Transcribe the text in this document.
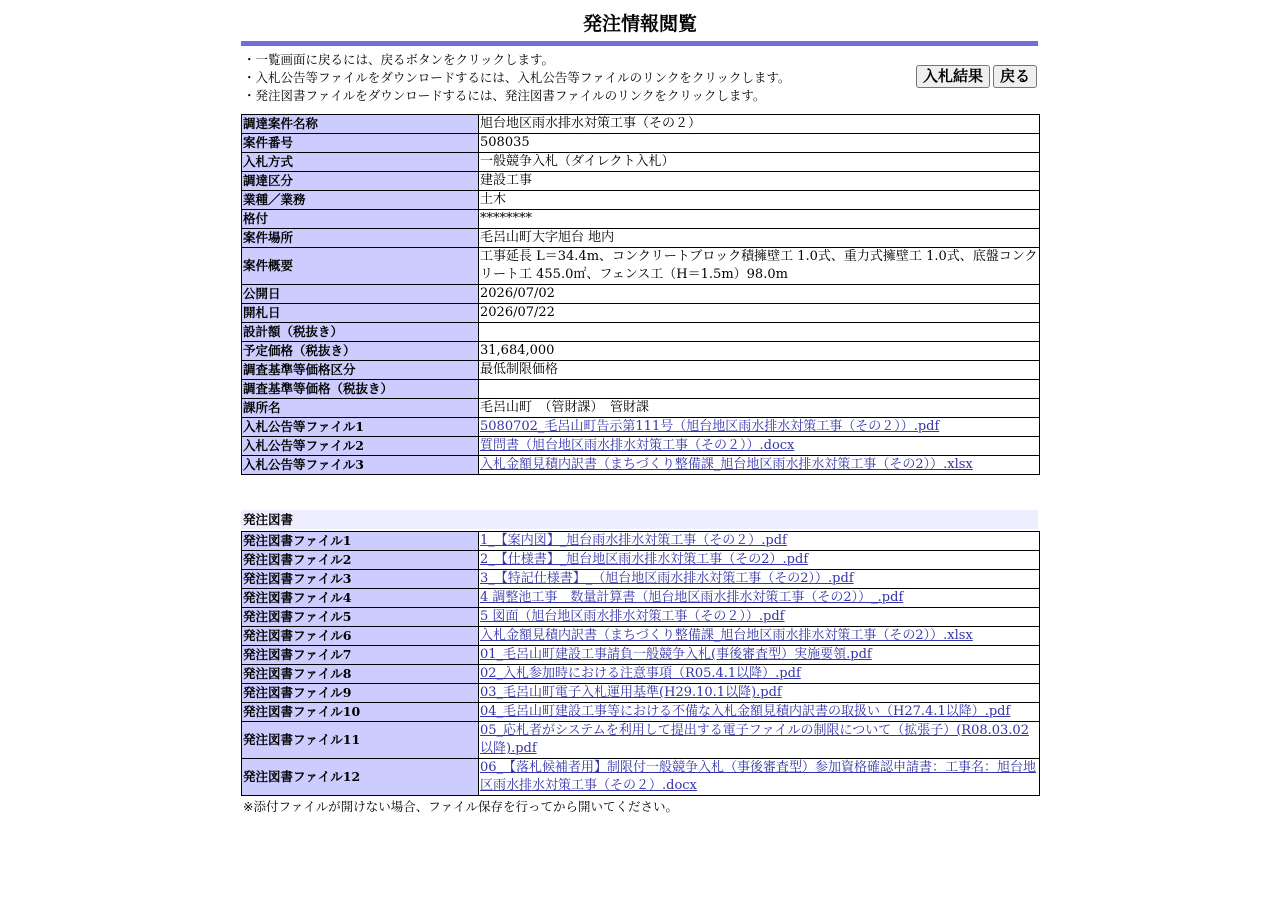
発注情報閲覧
・一覧画面に戻るには、戻るボタンをクリックします。
・入札公告等ファイルをダウンロードするには、入札公告等ファイルのリンクをクリックします。
・発注図書ファイルをダウンロードするには、発注図書ファイルのリンクをクリックします。
入札結果	戻る
調達案件名称	旭台地区雨水排水対策工事（その２）
案件番号	508035
入札方式	一般競争入札（ダイレクト入札）
調達区分	建設工事
業種／業務	土木
格付	********
案件場所	毛呂山町大字旭台 地内
案件概要	工事延長 L＝34.4m、コンクリートブロック積擁壁工 1.0式、重力式擁壁工 1.0式、底盤コンクリート工 455.0㎡、フェンス工（H＝1.5m）98.0m
公開日	2026/07/02
開札日	2026/07/22
設計額（税抜き）	
予定価格（税抜き）	31,684,000
調査基準等価格区分	最低制限価格
調査基準等価格（税抜き）	
課所名	毛呂山町　（管財課）　管財課
入札公告等ファイル1	5080702_毛呂山町告示第111号（旭台地区雨水排水対策工事（その２））.pdf
入札公告等ファイル2	質問書（旭台地区雨水排水対策工事（その２））.docx
入札公告等ファイル3	入札金額見積内訳書（まちづくり整備課_旭台地区雨水排水対策工事（その2））.xlsx
発注図書
発注図書ファイル1	1_【案内図】_旭台雨水排水対策工事（その２）.pdf
発注図書ファイル2	2_【仕様書】_旭台地区雨水排水対策工事（その2）.pdf
発注図書ファイル3	3_【特記仕様書】_（旭台地区雨水排水対策工事（その2））.pdf
発注図書ファイル4	4 調整池工事　数量計算書（旭台地区雨水排水対策工事（その2））_.pdf
発注図書ファイル5	5 図面（旭台地区雨水排水対策工事（その２））.pdf
発注図書ファイル6	入札金額見積内訳書（まちづくり整備課_旭台地区雨水排水対策工事（その2））.xlsx
発注図書ファイル7	01_毛呂山町建設工事請負一般競争入札(事後審査型）実施要領.pdf
発注図書ファイル8	02_入札参加時における注意事項（R05.4.1以降）.pdf
発注図書ファイル9	03_毛呂山町電子入札運用基準(H29.10.1以降).pdf
発注図書ファイル10	04_毛呂山町建設工事等における不備な入札金額見積内訳書の取扱い（H27.4.1以降）.pdf
発注図書ファイル11	05_応札者がシステムを利用して提出する電子ファイルの制限について（拡張子）(R08.03.02以降).pdf
発注図書ファイル12	06_【落札候補者用】制限付一般競争入札（事後審査型）参加資格確認申請書：工事名：旭台地区雨水排水対策工事（その２）.docx
※添付ファイルが開けない場合、ファイル保存を行ってから開いてください。
